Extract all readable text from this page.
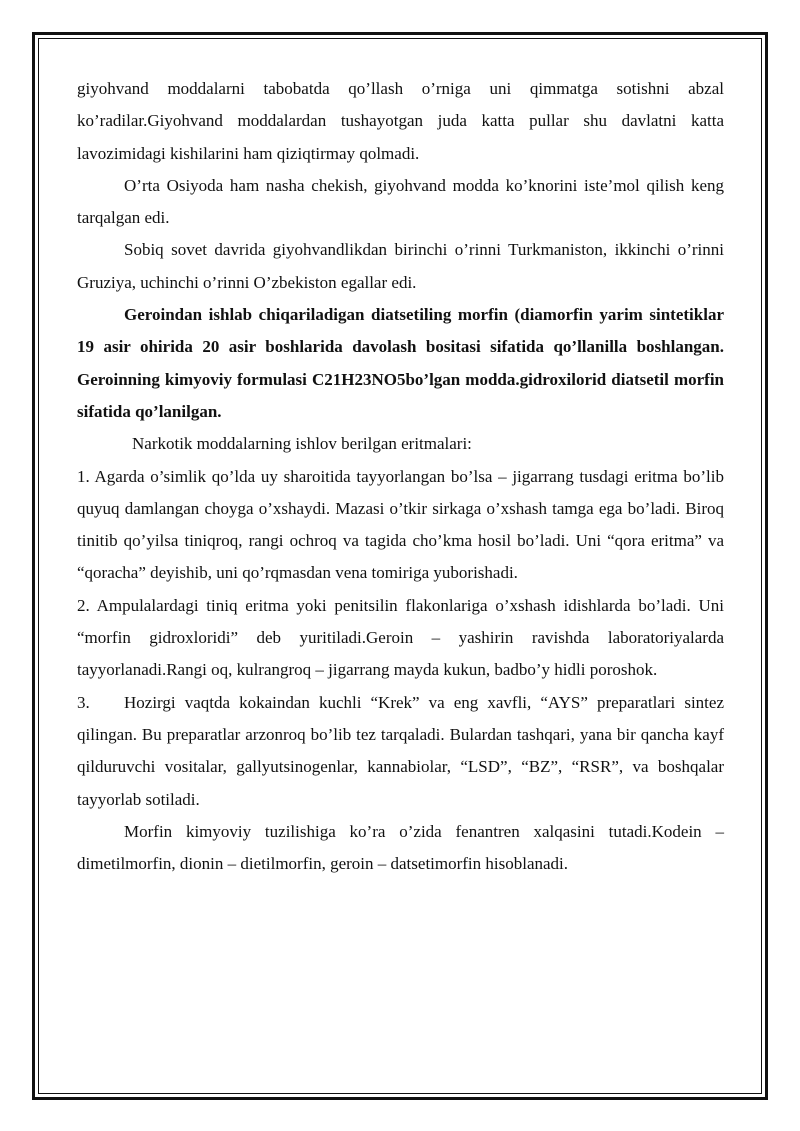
giyohvand moddalarni tabobatda qo’llash o’rniga uni qimmatga sotishni abzal ko’radilar.Giyohvand moddalardan tushayotgan juda katta pullar shu davlatni katta lavozimidagi kishilarini ham qiziqtirmay qolmadi.

O’rta Osiyoda ham nasha chekish, giyohvand modda ko’knorini iste’mol qilish keng tarqalgan edi.

Sobiq sovet davrida giyohvandlikdan birinchi o’rinni Turkmaniston, ikkinchi o’rinni Gruziya, uchinchi o’rinni O’zbekiston egallar edi.

Geroindan ishlab chiqariladigan diatsetiling morfin (diamorfin yarim sintetiklar 19 asir ohirida 20 asir boshlarida davolash bositasi sifatida qo’llanilla boshlangan. Geroinning kimyoviy formulasi C21H23NO5bo’lgan modda.gidroxilorid diatsetil morfin sifatida qo’lanilgan.

Narkotik moddalarning ishlov berilgan eritmalari:

1. Agarda o’simlik qo’lda uy sharoitida tayyorlangan bo’lsa – jigarrang tusdagi eritma bo’lib quyuq damlangan choyga o’xshaydi. Mazasi o’tkir sirkaga o’xshash tamga ega bo’ladi. Biroq tinitib qo’yilsa tiniqroq, rangi ochroq va tagida cho’kma hosil bo’ladi. Uni “qora eritma” va “qoracha” deyishib, uni qo’rqmasdan vena tomiriga yuborishadi.

2. Ampulalardagi tiniq eritma yoki penitsilin flakonlariga o’xshash idishlarda bo’ladi. Uni “morfin gidroxloridi” deb yuritiladi.Geroin – yashirin ravishda laboratoriyalarda tayyorlanadi.Rangi oq, kulrangroq – jigarrang mayda kukun, badbo’y hidli poroshok.

3. Hozirgi vaqtda kokaindan kuchli “Krek” va eng xavfli, “AYS” preparatlari sintez qilingan. Bu preparatlar arzonroq bo’lib tez tarqaladi. Bulardan tashqari, yana bir qancha kayf qilduruvchi vositalar, gallyutsinogenlar, kannabiolar, “LSD”, “BZ”, “RSR”, va boshqalar tayyorlab sotiladi.

Morfin kimyoviy tuzilishiga ko’ra o’zida fenantren xalqasini tutadi.Kodein – dimetilmorfin, dionin – dietilmorfin, geroin – datsetimorfin hisoblanadi.
